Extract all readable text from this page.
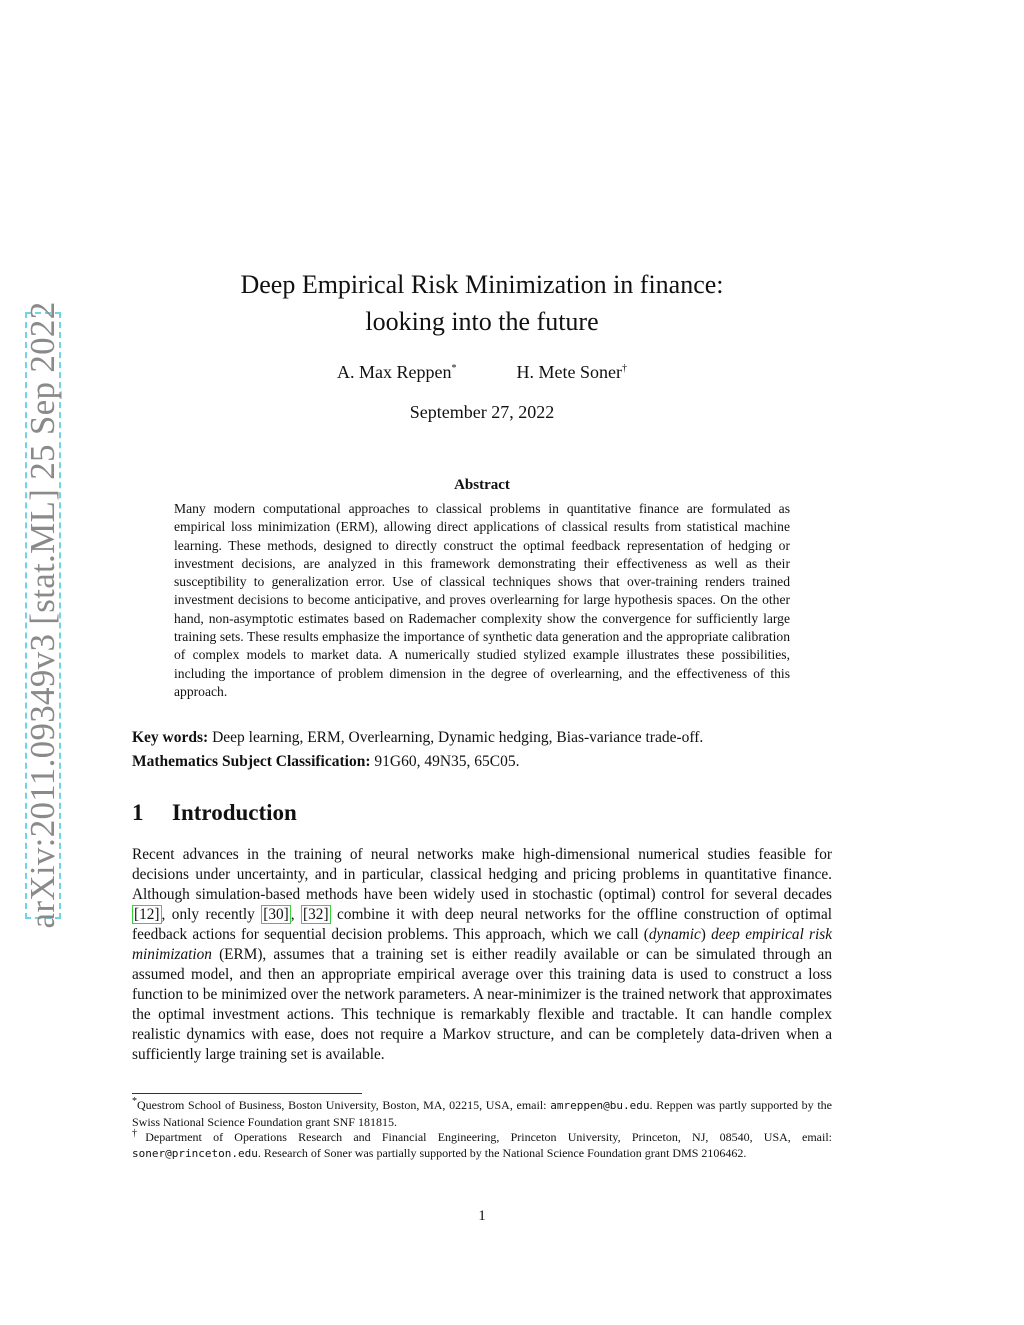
arXiv:2011.09349v3 [stat.ML] 25 Sep 2022
Deep Empirical Risk Minimization in finance:
looking into the future
A. Max Reppen*	H. Mete Soner†
September 27, 2022
Abstract
Many modern computational approaches to classical problems in quantitative finance are formulated as empirical loss minimization (ERM), allowing direct applications of classical results from statistical machine learning. These methods, designed to directly construct the optimal feedback representation of hedging or investment decisions, are analyzed in this framework demonstrating their effectiveness as well as their susceptibility to generalization error. Use of classical techniques shows that over-training renders trained investment decisions to become anticipative, and proves overlearning for large hypothesis spaces. On the other hand, non-asymptotic estimates based on Rademacher complexity show the convergence for sufficiently large training sets. These results emphasize the importance of synthetic data generation and the appropriate calibration of complex models to market data. A numerically studied stylized example illustrates these possibilities, including the importance of problem dimension in the degree of overlearning, and the effectiveness of this approach.
Key words: Deep learning, ERM, Overlearning, Dynamic hedging, Bias-variance trade-off.
Mathematics Subject Classification: 91G60, 49N35, 65C05.
1 Introduction
Recent advances in the training of neural networks make high-dimensional numerical studies feasible for decisions under uncertainty, and in particular, classical hedging and pricing problems in quantitative finance. Although simulation-based methods have been widely used in stochastic (optimal) control for several decades [12] , only recently [30] , [32] combine it with deep neural networks for the offline construction of optimal feedback actions for sequential decision problems. This approach, which we call (dynamic) deep empirical risk minimization (ERM), assumes that a training set is either readily available or can be simulated through an assumed model, and then an appropriate empirical average over this training data is used to construct a loss function to be minimized over the network parameters. A near-minimizer is the trained network that approximates the optimal investment actions. This technique is remarkably flexible and tractable. It can handle complex realistic dynamics with ease, does not require a Markov structure, and can be completely data-driven when a sufficiently large training set is available.
*Questrom School of Business, Boston University, Boston, MA, 02215, USA, email: amreppen@bu.edu. Reppen was partly supported by the Swiss National Science Foundation grant SNF 181815.
†Department of Operations Research and Financial Engineering, Princeton University, Princeton, NJ, 08540, USA, email: soner@princeton.edu. Research of Soner was partially supported by the National Science Foundation grant DMS 2106462.
1
